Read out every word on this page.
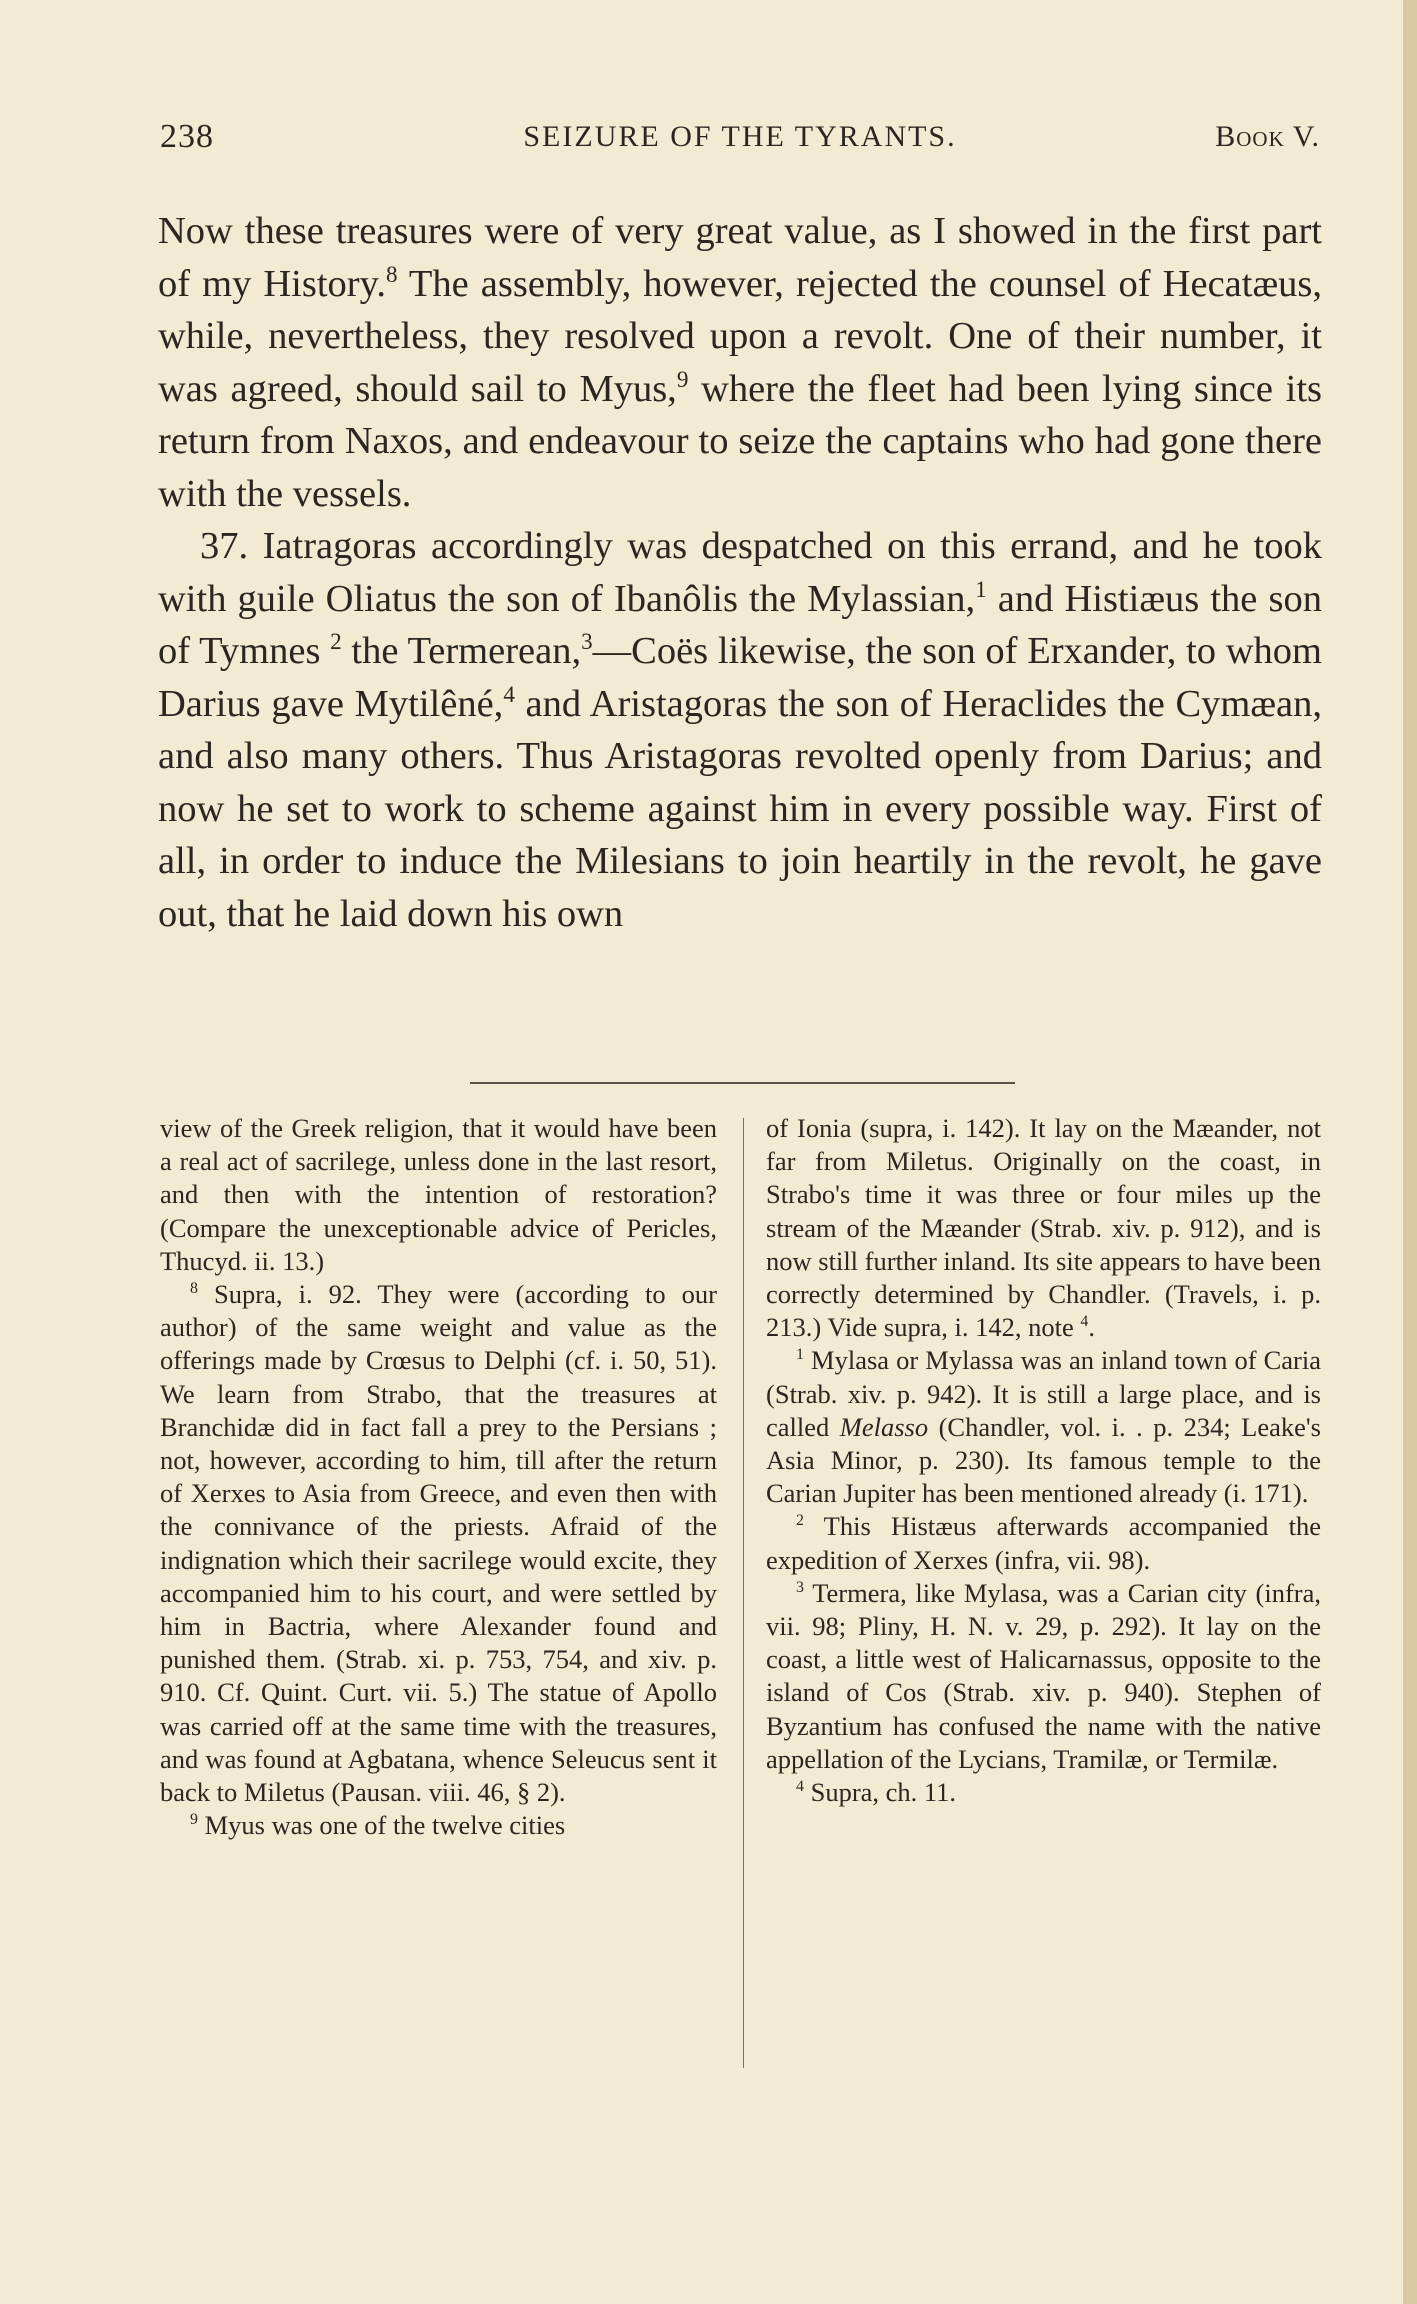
238	SEIZURE OF THE TYRANTS.	Book V.

Now these treasures were of very great value, as I showed in the first part of my History.$^8$ The assembly, however, rejected the counsel of Hecatæus, while, nevertheless, they resolved upon a revolt. One of their number, it was agreed, should sail to Myus,$^9$ where the fleet had been lying since its return from Naxos, and endeavour to seize the captains who had gone there with the vessels.

37. Iatragoras accordingly was despatched on this errand, and he took with guile Oliatus the son of Ibanôlis the Mylassian,$^1$ and Histiæus the son of Tymnes $^2$ the Termerean,$^3$—Coës likewise, the son of Erxander, to whom Darius gave Mytilêné,$^4$ and Aristagoras the son of Heraclides the Cymæan, and also many others. Thus Aristagoras revolted openly from Darius; and now he set to work to scheme against him in every possible way. First of all, in order to induce the Milesians to join heartily in the revolt, he gave out, that he laid down his own

view of the Greek religion, that it would have been a real act of sacrilege, unless done in the last resort, and then with the intention of restoration? (Compare the unexceptionable advice of Pericles, Thucyd. ii. 13.)

$^8$ Supra, i. 92. They were (according to our author) of the same weight and value as the offerings made by Crœsus to Delphi (cf. i. 50, 51). We learn from Strabo, that the treasures at Branchidæ did in fact fall a prey to the Persians ; not, however, according to him, till after the return of Xerxes to Asia from Greece, and even then with the connivance of the priests. Afraid of the indignation which their sacrilege would excite, they accompanied him to his court, and were settled by him in Bactria, where Alexander found and punished them. (Strab. xi. p. 753, 754, and xiv. p. 910. Cf. Quint. Curt. vii. 5.) The statue of Apollo was carried off at the same time with the treasures, and was found at Agbatana, whence Seleucus sent it back to Miletus (Pausan. viii. 46, § 2).

$^9$ Myus was one of the twelve cities

of Ionia (supra, i. 142). It lay on the Mæander, not far from Miletus. Originally on the coast, in Strabo's time it was three or four miles up the stream of the Mæander (Strab. xiv. p. 912), and is now still further inland. Its site appears to have been correctly determined by Chandler. (Travels, i. p. 213.) Vide supra, i. 142, note $^4$.

$^1$ Mylasa or Mylassa was an inland town of Caria (Strab. xiv. p. 942). It is still a large place, and is called Melasso (Chandler, vol. i. . p. 234; Leake's Asia Minor, p. 230). Its famous temple to the Carian Jupiter has been mentioned already (i. 171).

$^2$ This Histæus afterwards accompanied the expedition of Xerxes (infra, vii. 98).

$^3$ Termera, like Mylasa, was a Carian city (infra, vii. 98; Pliny, H. N. v. 29, p. 292). It lay on the coast, a little west of Halicarnassus, opposite to the island of Cos (Strab. xiv. p. 940). Stephen of Byzantium has confused the name with the native appellation of the Lycians, Tramilæ, or Termilæ.

$^4$ Supra, ch. 11.
